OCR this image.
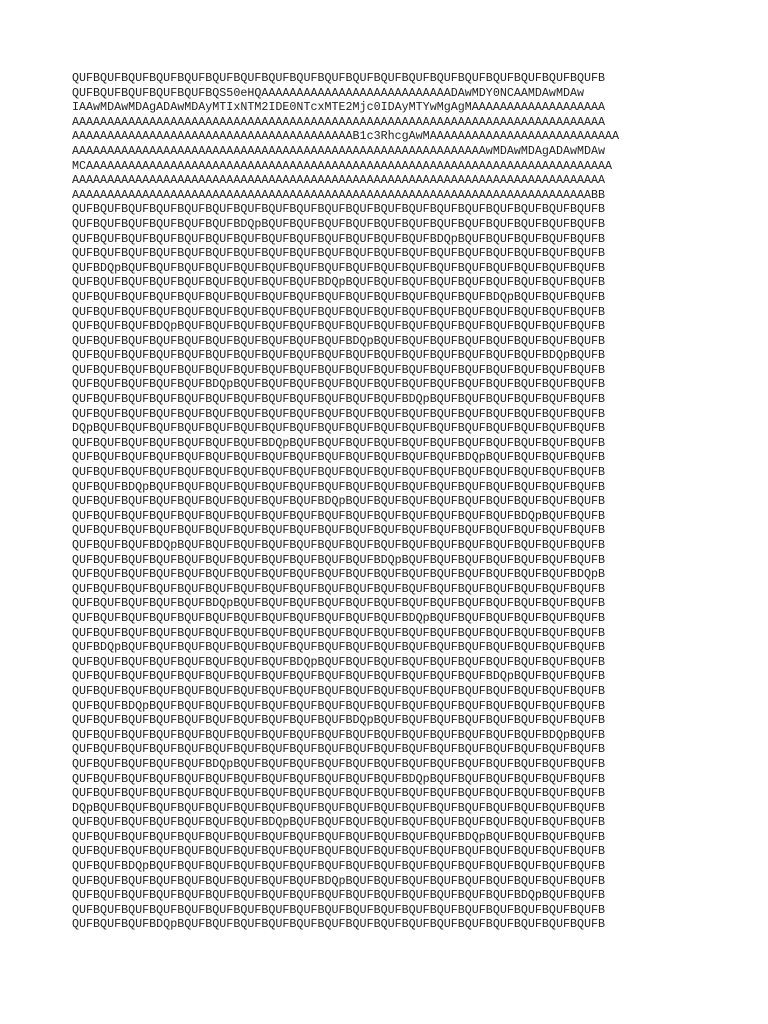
QUFBQUFBQUFBQUFBQUFBQUFBQUFBQUFBQUFBQUFBQUFBQUFBQUFBQUFBQUFBQUFBQUFBQUFBQUFB
QUFBQUFBQUFBQUFBQUFBQS50eHQAAAAAAAAAAAAAAAAAAAAAAAAAAADAwMDY0NCAAMDAwMDAw
IAAwMDAwMDAgADAwMDAyMTIxNTM2IDE0NTcxMTE2Mjc0IDAyMTYwMgAgMAAAAAAAAAAAAAAAAAAA
AAAAAAAAAAAAAAAAAAAAAAAAAAAAAAAAAAAAAAAAAAAAAAAAAAAAAAAAAAAAAAAAAAAAAAAAAAAA
AAAAAAAAAAAAAAAAAAAAAAAAAAAAAAAAAAAAAAAAB1c3RhcgAwMAAAAAAAAAAAAAAAAAAAAAAAAAAA
AAAAAAAAAAAAAAAAAAAAAAAAAAAAAAAAAAAAAAAAAAAAAAAAAAAAAAAAAAAwMDAwMDAgADAwMDAw
MCAAAAAAAAAAAAAAAAAAAAAAAAAAAAAAAAAAAAAAAAAAAAAAAAAAAAAAAAAAAAAAAAAAAAAAAAAAA
AAAAAAAAAAAAAAAAAAAAAAAAAAAAAAAAAAAAAAAAAAAAAAAAAAAAAAAAAAAAAAAAAAAAAAAAAAAA
AAAAAAAAAAAAAAAAAAAAAAAAAAAAAAAAAAAAAAAAAAAAAAAAAAAAAAAAAAAAAAAAAAAAAAAAAABB
QUFBQUFBQUFBQUFBQUFBQUFBQUFBQUFBQUFBQUFBQUFBQUFBQUFBQUFBQUFBQUFBQUFBQUFBQUFB
QUFBQUFBQUFBQUFBQUFBQUFBDQpBQUFBQUFBQUFBQUFBQUFBQUFBQUFBQUFBQUFBQUFBQUFBQUFB
QUFBQUFBQUFBQUFBQUFBQUFBQUFBQUFBQUFBQUFBQUFBQUFBQUFBDQpBQUFBQUFBQUFBQUFBQUFB
QUFBQUFBQUFBQUFBQUFBQUFBQUFBQUFBQUFBQUFBQUFBQUFBQUFBQUFBQUFBQUFBQUFBQUFBQUFB
QUFBDQpBQUFBQUFBQUFBQUFBQUFBQUFBQUFBQUFBQUFBQUFBQUFBQUFBQUFBQUFBQUFBQUFBQUFB
QUFBQUFBQUFBQUFBQUFBQUFBQUFBQUFBQUFBDQpBQUFBQUFBQUFBQUFBQUFBQUFBQUFBQUFBQUFB
QUFBQUFBQUFBQUFBQUFBQUFBQUFBQUFBQUFBQUFBQUFBQUFBQUFBQUFBQUFBDQpBQUFBQUFBQUFB
QUFBQUFBQUFBQUFBQUFBQUFBQUFBQUFBQUFBQUFBQUFBQUFBQUFBQUFBQUFBQUFBQUFBQUFBQUFB
QUFBQUFBQUFBDQpBQUFBQUFBQUFBQUFBQUFBQUFBQUFBQUFBQUFBQUFBQUFBQUFBQUFBQUFBQUFB
QUFBQUFBQUFBQUFBQUFBQUFBQUFBQUFBQUFBQUFBDQpBQUFBQUFBQUFBQUFBQUFBQUFBQUFBQUFB
QUFBQUFBQUFBQUFBQUFBQUFBQUFBQUFBQUFBQUFBQUFBQUFBQUFBQUFBQUFBQUFBQUFBDQpBQUFB
QUFBQUFBQUFBQUFBQUFBQUFBQUFBQUFBQUFBQUFBQUFBQUFBQUFBQUFBQUFBQUFBQUFBQUFBQUFB
QUFBQUFBQUFBQUFBQUFBDQpBQUFBQUFBQUFBQUFBQUFBQUFBQUFBQUFBQUFBQUFBQUFBQUFBQUFB
QUFBQUFBQUFBQUFBQUFBQUFBQUFBQUFBQUFBQUFBQUFBQUFBDQpBQUFBQUFBQUFBQUFBQUFBQUFB
QUFBQUFBQUFBQUFBQUFBQUFBQUFBQUFBQUFBQUFBQUFBQUFBQUFBQUFBQUFBQUFBQUFBQUFBQUFB
DQpBQUFBQUFBQUFBQUFBQUFBQUFBQUFBQUFBQUFBQUFBQUFBQUFBQUFBQUFBQUFBQUFBQUFBQUFB
QUFBQUFBQUFBQUFBQUFBQUFBQUFBDQpBQUFBQUFBQUFBQUFBQUFBQUFBQUFBQUFBQUFBQUFBQUFB
QUFBQUFBQUFBQUFBQUFBQUFBQUFBQUFBQUFBQUFBQUFBQUFBQUFBQUFBDQpBQUFBQUFBQUFBQUFB
QUFBQUFBQUFBQUFBQUFBQUFBQUFBQUFBQUFBQUFBQUFBQUFBQUFBQUFBQUFBQUFBQUFBQUFBQUFB
QUFBQUFBDQpBQUFBQUFBQUFBQUFBQUFBQUFBQUFBQUFBQUFBQUFBQUFBQUFBQUFBQUFBQUFBQUFB
QUFBQUFBQUFBQUFBQUFBQUFBQUFBQUFBQUFBDQpBQUFBQUFBQUFBQUFBQUFBQUFBQUFBQUFBQUFB
QUFBQUFBQUFBQUFBQUFBQUFBQUFBQUFBQUFBQUFBQUFBQUFBQUFBQUFBQUFBQUFBDQpBQUFBQUFB
QUFBQUFBQUFBQUFBQUFBQUFBQUFBQUFBQUFBQUFBQUFBQUFBQUFBQUFBQUFBQUFBQUFBQUFBQUFB
QUFBQUFBQUFBDQpBQUFBQUFBQUFBQUFBQUFBQUFBQUFBQUFBQUFBQUFBQUFBQUFBQUFBQUFBQUFB
QUFBQUFBQUFBQUFBQUFBQUFBQUFBQUFBQUFBQUFBQUFBDQpBQUFBQUFBQUFBQUFBQUFBQUFBQUFB
QUFBQUFBQUFBQUFBQUFBQUFBQUFBQUFBQUFBQUFBQUFBQUFBQUFBQUFBQUFBQUFBQUFBQUFBDQpB
QUFBQUFBQUFBQUFBQUFBQUFBQUFBQUFBQUFBQUFBQUFBQUFBQUFBQUFBQUFBQUFBQUFBQUFBQUFB
QUFBQUFBQUFBQUFBQUFBDQpBQUFBQUFBQUFBQUFBQUFBQUFBQUFBQUFBQUFBQUFBQUFBQUFBQUFB
QUFBQUFBQUFBQUFBQUFBQUFBQUFBQUFBQUFBQUFBQUFBQUFBDQpBQUFBQUFBQUFBQUFBQUFBQUFB
QUFBQUFBQUFBQUFBQUFBQUFBQUFBQUFBQUFBQUFBQUFBQUFBQUFBQUFBQUFBQUFBQUFBQUFBQUFB
QUFBDQpBQUFBQUFBQUFBQUFBQUFBQUFBQUFBQUFBQUFBQUFBQUFBQUFBQUFBQUFBQUFBQUFBQUFB
QUFBQUFBQUFBQUFBQUFBQUFBQUFBQUFBDQpBQUFBQUFBQUFBQUFBQUFBQUFBQUFBQUFBQUFBQUFB
QUFBQUFBQUFBQUFBQUFBQUFBQUFBQUFBQUFBQUFBQUFBQUFBQUFBQUFBQUFBDQpBQUFBQUFBQUFB
QUFBQUFBQUFBQUFBQUFBQUFBQUFBQUFBQUFBQUFBQUFBQUFBQUFBQUFBQUFBQUFBQUFBQUFBQUFB
QUFBQUFBDQpBQUFBQUFBQUFBQUFBQUFBQUFBQUFBQUFBQUFBQUFBQUFBQUFBQUFBQUFBQUFBQUFB
QUFBQUFBQUFBQUFBQUFBQUFBQUFBQUFBQUFBQUFBDQpBQUFBQUFBQUFBQUFBQUFBQUFBQUFBQUFB
QUFBQUFBQUFBQUFBQUFBQUFBQUFBQUFBQUFBQUFBQUFBQUFBQUFBQUFBQUFBQUFBQUFBDQpBQUFB
QUFBQUFBQUFBQUFBQUFBQUFBQUFBQUFBQUFBQUFBQUFBQUFBQUFBQUFBQUFBQUFBQUFBQUFBQUFB
QUFBQUFBQUFBQUFBQUFBDQpBQUFBQUFBQUFBQUFBQUFBQUFBQUFBQUFBQUFBQUFBQUFBQUFBQUFB
QUFBQUFBQUFBQUFBQUFBQUFBQUFBQUFBQUFBQUFBQUFBQUFBDQpBQUFBQUFBQUFBQUFBQUFBQUFB
QUFBQUFBQUFBQUFBQUFBQUFBQUFBQUFBQUFBQUFBQUFBQUFBQUFBQUFBQUFBQUFBQUFBQUFBQUFB
DQpBQUFBQUFBQUFBQUFBQUFBQUFBQUFBQUFBQUFBQUFBQUFBQUFBQUFBQUFBQUFBQUFBQUFBQUFB
QUFBQUFBQUFBQUFBQUFBQUFBQUFBDQpBQUFBQUFBQUFBQUFBQUFBQUFBQUFBQUFBQUFBQUFBQUFB
QUFBQUFBQUFBQUFBQUFBQUFBQUFBQUFBQUFBQUFBQUFBQUFBQUFBQUFBDQpBQUFBQUFBQUFBQUFB
QUFBQUFBQUFBQUFBQUFBQUFBQUFBQUFBQUFBQUFBQUFBQUFBQUFBQUFBQUFBQUFBQUFBQUFBQUFB
QUFBQUFBDQpBQUFBQUFBQUFBQUFBQUFBQUFBQUFBQUFBQUFBQUFBQUFBQUFBQUFBQUFBQUFBQUFB
QUFBQUFBQUFBQUFBQUFBQUFBQUFBQUFBQUFBDQpBQUFBQUFBQUFBQUFBQUFBQUFBQUFBQUFBQUFB
QUFBQUFBQUFBQUFBQUFBQUFBQUFBQUFBQUFBQUFBQUFBQUFBQUFBQUFBQUFBQUFBDQpBQUFBQUFB
QUFBQUFBQUFBQUFBQUFBQUFBQUFBQUFBQUFBQUFBQUFBQUFBQUFBQUFBQUFBQUFBQUFBQUFBQUFB
QUFBQUFBQUFBDQpBQUFBQUFBQUFBQUFBQUFBQUFBQUFBQUFBQUFBQUFBQUFBQUFBQUFBQUFBQUFB
